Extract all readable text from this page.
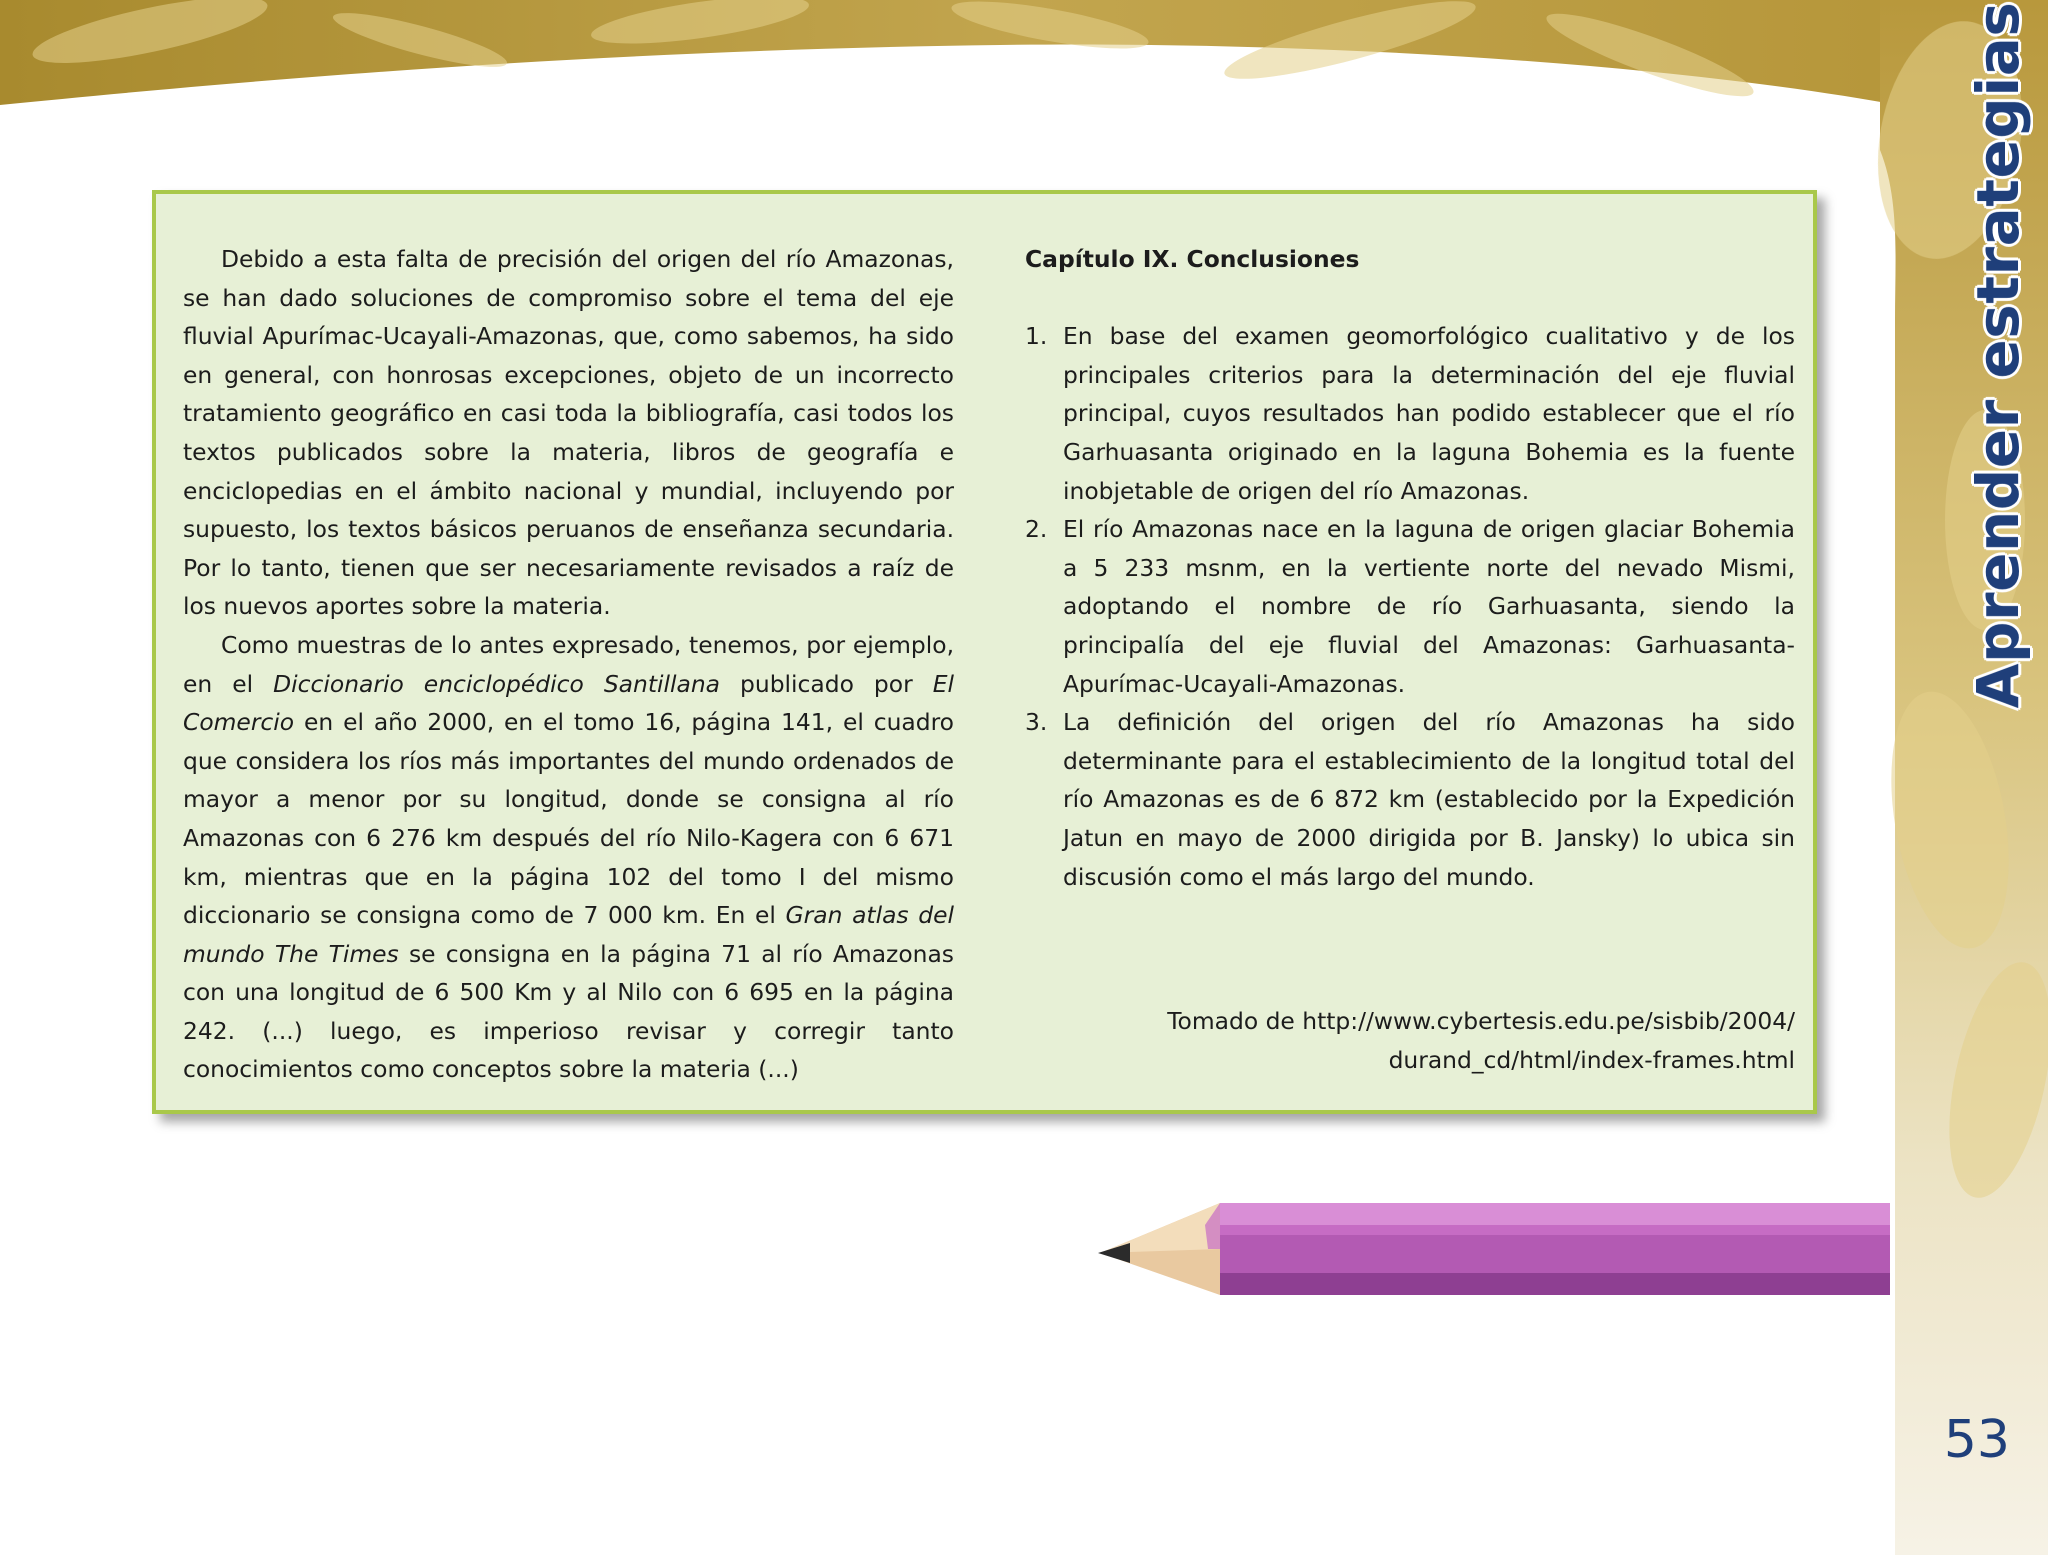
Aprender estrategias
53

Debido a esta falta de precisión del origen del río Amazonas, se han dado soluciones de compromiso sobre el tema del eje fluvial Apurímac-Ucayali-Amazonas, que, como sabemos, ha sido en general, con honrosas excepciones, objeto de un incorrecto tratamiento geográfico en casi toda la bibliografía, casi todos los textos publicados sobre la materia, libros de geografía e enciclopedias en el ámbito nacional y mundial, incluyendo por supuesto, los textos básicos peruanos de enseñanza secundaria. Por lo tanto, tienen que ser necesariamente revisados a raíz de los nuevos aportes sobre la materia.

Como muestras de lo antes expresado, tenemos, por ejemplo, en el Diccionario enciclopédico Santillana publicado por El Comercio en el año 2000, en el tomo 16, página 141, el cuadro que considera los ríos más importantes del mundo ordenados de mayor a menor por su longitud, donde se consigna al río Amazonas con 6 276 km después del río Nilo-Kagera con 6 671 km, mientras que en la página 102 del tomo I del mismo diccionario se consigna como de 7 000 km. En el Gran atlas del mundo The Times se consigna en la página 71 al río Amazonas con una longitud de 6 500 Km y al Nilo con 6 695 en la página 242. (...) luego, es imperioso revisar y corregir tanto conocimientos como conceptos sobre la materia (...)

Capítulo IX. Conclusiones
1. En base del examen geomorfológico cualitativo y de los principales criterios para la determinación del eje fluvial principal, cuyos resultados han podido establecer que el río Garhuasanta originado en la laguna Bohemia es la fuente inobjetable de origen del río Amazonas.
2. El río Amazonas nace en la laguna de origen glaciar Bohemia a 5 233 msnm, en la vertiente norte del nevado Mismi, adoptando el nombre de río Garhuasanta, siendo la principalía del eje fluvial del Amazonas: Garhuasanta-Apurímac-Ucayali-Amazonas.
3. La definición del origen del río Amazonas ha sido determinante para el establecimiento de la longitud total del río Amazonas es de 6 872 km (establecido por la Expedición Jatun en mayo de 2000 dirigida por B. Jansky) lo ubica sin discusión como el más largo del mundo.
Tomado de http://www.cybertesis.edu.pe/sisbib/2004/
durand_cd/html/index-frames.html
